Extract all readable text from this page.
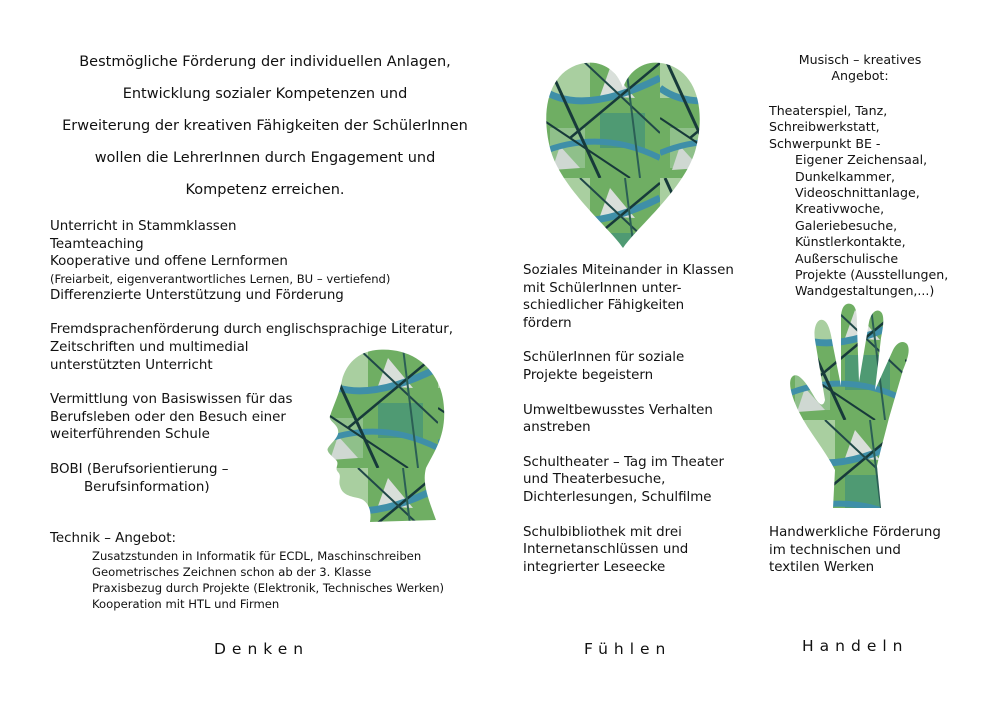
Bestmögliche Förderung der individuellen Anlagen,
Entwicklung sozialer Kompetenzen und
Erweiterung der kreativen Fähigkeiten der SchülerInnen
wollen die LehrerInnen durch Engagement und
Kompetenz erreichen.
Unterricht in Stammklassen
Teamteaching
Kooperative und offene Lernformen
(Freiarbeit, eigenverantwortliches Lernen, BU – vertiefend)
Differenzierte Unterstützung und Förderung
Fremdsprachenförderung durch englischsprachige Literatur,
Zeitschriften und multimedial
unterstützten Unterricht
Vermittlung von Basiswissen für das
Berufsleben oder den Besuch einer
weiterführenden Schule
BOBI (Berufsorientierung –
Berufsinformation)
Technik – Angebot:
Zusatzstunden in Informatik für ECDL, Maschinschreiben
Geometrisches Zeichnen schon ab der 3. Klasse
Praxisbezug durch Projekte (Elektronik, Technisches Werken)
Kooperation mit HTL und Firmen
Soziales Miteinander in Klassen
mit SchülerInnen unter-
schiedlicher Fähigkeiten
fördern
SchülerInnen für soziale
Projekte begeistern
Umweltbewusstes Verhalten
anstreben
Schultheater – Tag im Theater
und Theaterbesuche,
Dichterlesungen, Schulfilme
Schulbibliothek mit drei
Internetanschlüssen und
integrierter Leseecke
Musisch – kreatives
Angebot:
Theaterspiel, Tanz,
Schreibwerkstatt,
Schwerpunkt BE -
Eigener Zeichensaal,
Dunkelkammer,
Videoschnittanlage,
Kreativwoche,
Galeriebesuche,
Künstlerkontakte,
Außerschulische
Projekte (Ausstellungen,
Wandgestaltungen,...)
Handwerkliche Förderung
im technischen und
textilen Werken
Denken	Fühlen	Handeln
